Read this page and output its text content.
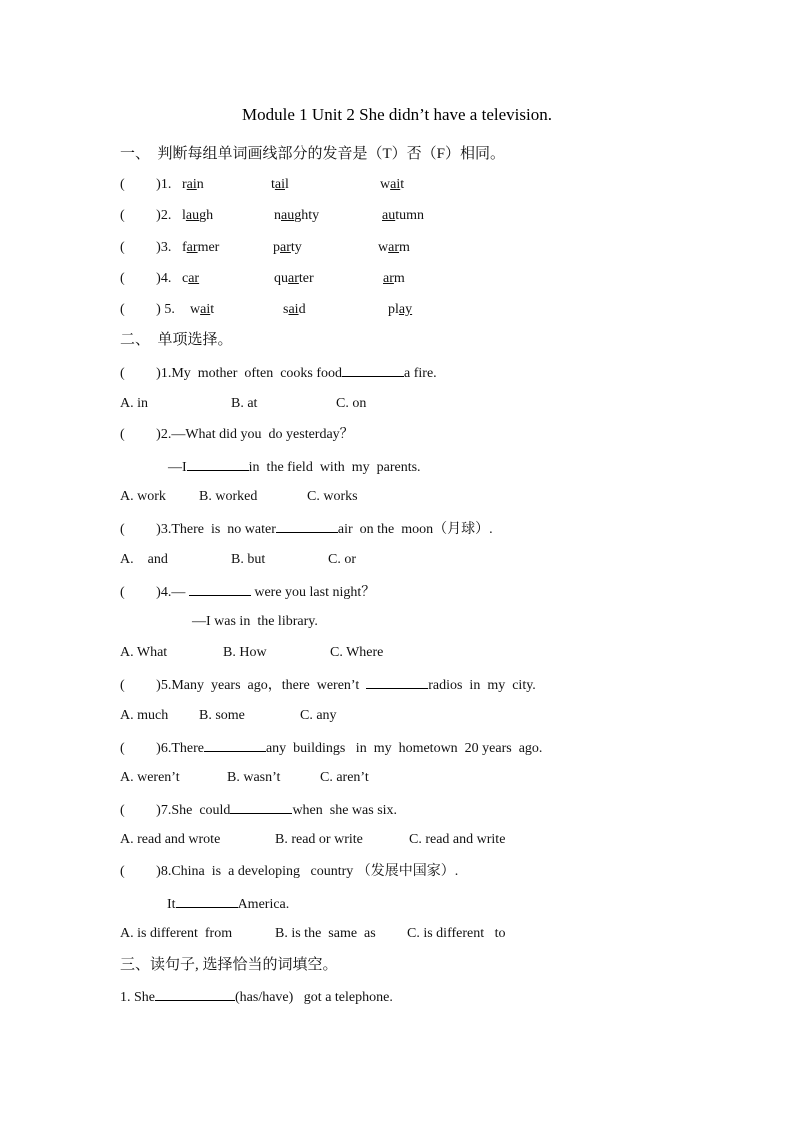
Module 1 Unit 2 She didn’t have a television.
一、  判断每组单词画线部分的发音是（T）否（F）相同。
(         )1. rain	tail	wait
(         )2. laugh	naughty	autumn
(         )3. farmer	party	warm
(         )4. car	quarter	arm
(         ) 5. wait	said	play
二、  单项选择。
(         )1.My  mother  often  cooks food	a fire.
A. in	B. at	C. on
(         )2.—What did you  do yesterday？
—I	in  the field  with  my  parents.
A. work B. worked	C. works
(         )3.There  is  no water	air  on the  moon（月球）.
A.    and	B. but	C. or
(         )4.—	were you last night？
—I was in  the library.
A. What	B. How	C. Where
(         )5.Many  years  ago，there  weren’t	radios  in  my  city.
A. much B. some	C. any
(         )6.There	any  buildings   in  my  hometown  20 years  ago.
A. weren’t	B. wasn’t	C. aren’t
(         )7.She  could	when  she was six.
A. read and wrote	B. read or write	C. read and write
(         )8.China  is  a developing   country （发展中国家）.
It	America.
A. is different  from	B. is the  same  as C. is different   to
三、读句子, 选择恰当的词填空。
1. She	(has/have)   got a telephone.
